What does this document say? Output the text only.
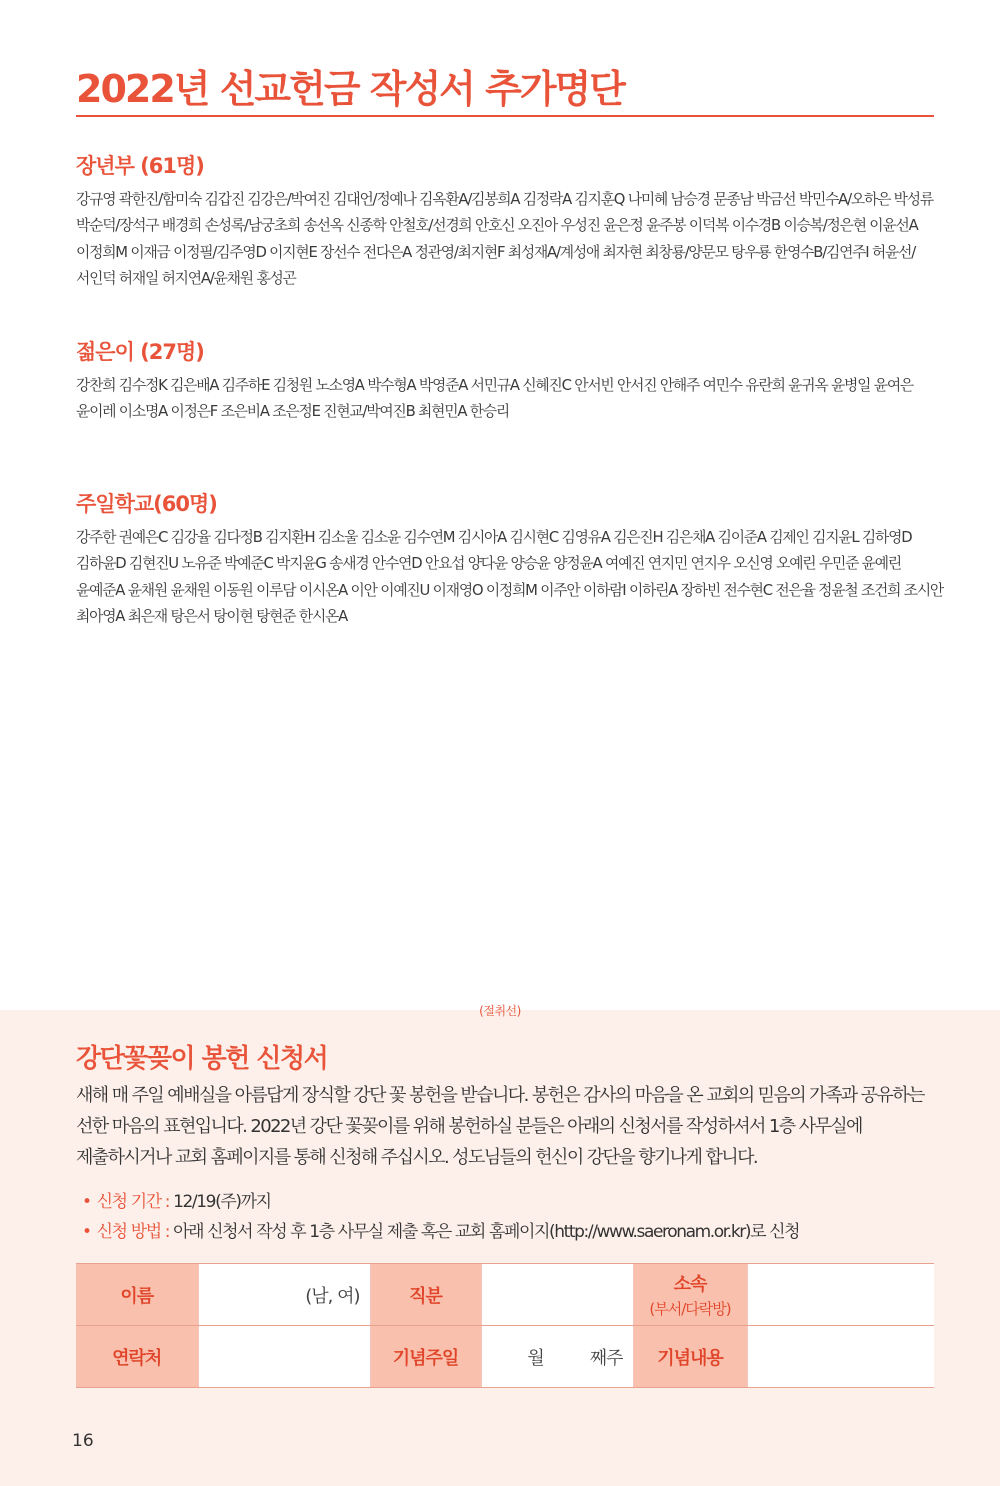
2022년 선교헌금 작성서 추가명단
장년부 (61명)
강규영 곽한진/함미숙 김갑진 김강은/박여진 김대언/정예나 김옥환A/김봉희A 김정락A 김지훈Q 나미혜 남승경 문종남 박금선 박민수A/오하은 박성류 박순덕/장석구 배경희 손성록/남궁초희 송선옥 신종학 안철호/선경희 안호신 오진아 우성진 윤은정 윤주봉 이덕복 이수경B 이승복/정은현 이윤선A 이정희M 이재금 이정필/김주영D 이지현E 장선수 전다은A 정관영/최지현F 최성재A/계성애 최자현 최창룡/양문모 탕우룡 한영수B/김연주I 허윤선/서인덕 허재일 허지연A/윤채원 홍성곤
젊은이 (27명)
강찬희 김수정K 김은배A 김주하E 김청원 노소영A 박수형A 박영준A 서민규A 신혜진C 안서빈 안서진 안해주 여민수 유란희 윤귀옥 윤병일 윤여은 윤이레 이소명A 이정은F 조은비A 조은정E 진현교/박여진B 최현민A 한승리
주일학교(60명)
강주한 권예은C 김강율 김다정B 김지환H 김소울 김소윤 김수연M 김시아A 김시현C 김영유A 김은진H 김은채A 김이준A 김제인 김지윤L 김하영D 김하윤D 김현진U 노유준 박예준C 박지윤G 송새경 안수연D 안요섭 양다윤 양승윤 양정윤A 여예진 연지민 연지우 오신영 오예린 우민준 윤예린 윤예준A 윤채원 윤채원 이동원 이루담 이시온A 이안 이예진U 이재영O 이정희M 이주안 이하람I 이하린A 장하빈 전수현C 전은율 정윤철 조건희 조시안 최아영A 최은재 탕은서 탕이현 탕현준 한시온A
(절취선)
강단꽃꽂이 봉헌 신청서

새해 매 주일 예배실을 아름답게 장식할 강단 꽃 봉헌을 받습니다. 봉헌은 감사의 마음을 온 교회의 믿음의 가족과 공유하는 선한 마음의 표현입니다. 2022년 강단 꽃꽂이를 위해 봉헌하실 분들은 아래의 신청서를 작성하셔서 1층 사무실에 제출하시거나 교회 홈페이지를 통해 신청해 주십시오. 성도님들의 헌신이 강단을 향기나게 합니다.

• 신청 기간 : 12/19(주)까지
• 신청 방법 : 아래 신청서 작성 후 1층 사무실 제출 혹은 교회 홈페이지(http://www.saeronam.or.kr)로 신청
이름	(남, 여)	직분		소속
(부서/다락방)	

연락처		기념주일	월 째주	기념내용	
16
